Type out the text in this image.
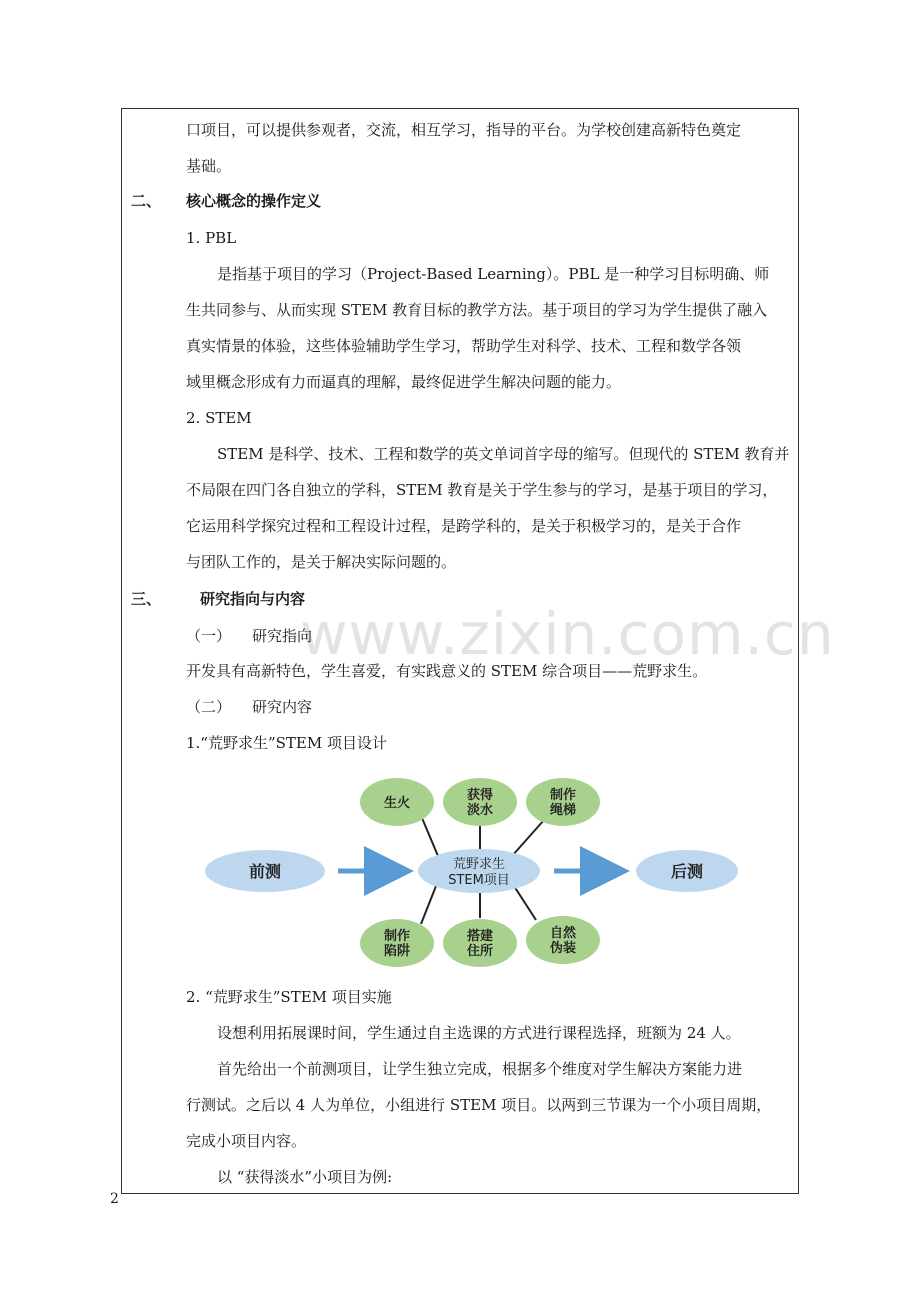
口项目，可以提供参观者，交流，相互学习，指导的平台。为学校创建高新特色奠定
基础。
二、 核心概念的操作定义
1. PBL
是指基于项目的学习（Project-Based Learning）。PBL 是一种学习目标明确、师
生共同参与、从而实现 STEM 教育目标的教学方法。基于项目的学习为学生提供了融入
真实情景的体验，这些体验辅助学生学习，帮助学生对科学、技术、工程和数学各领
域里概念形成有力而逼真的理解，最终促进学生解决问题的能力。
2. STEM
STEM 是科学、技术、工程和数学的英文单词首字母的缩写。但现代的 STEM 教育并
不局限在四门各自独立的学科，STEM 教育是关于学生参与的学习，是基于项目的学习，
它运用科学探究过程和工程设计过程，是跨学科的，是关于积极学习的，是关于合作
与团队工作的，是关于解决实际问题的。
三、	研究指向与内容
www.zixin.com.cn
（一） 研究指向
开发具有高新特色，学生喜爱，有实践意义的 STEM 综合项目——荒野求生。
（二） 研究内容
1.“荒野求生”STEM 项目设计
前测	荒野求生
STEM项目	后测
生火
获得
淡水
制作
绳梯
制作
陷阱
搭建
住所
自然
伪装
2. “荒野求生”STEM 项目实施
设想利用拓展课时间，学生通过自主选课的方式进行课程选择，班额为 24 人。
首先给出一个前测项目，让学生独立完成，根据多个维度对学生解决方案能力进
行测试。之后以 4 人为单位，小组进行 STEM 项目。以两到三节课为一个小项目周期，
完成小项目内容。
以 “获得淡水”小项目为例:
2
